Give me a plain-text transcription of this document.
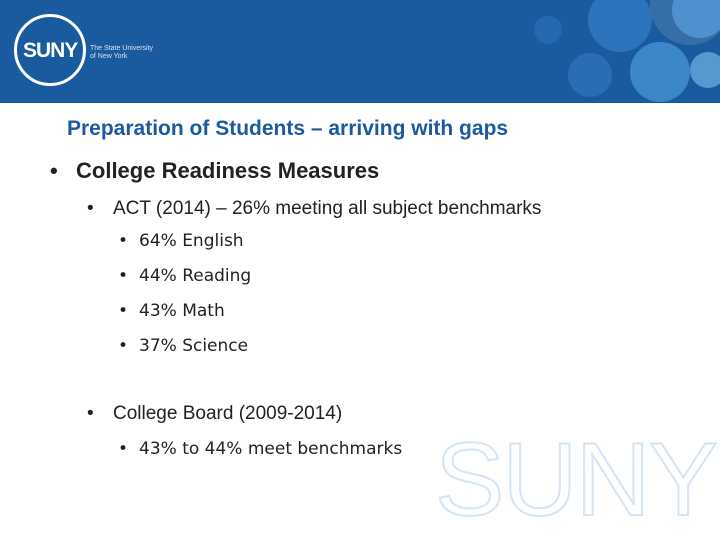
SUNY The State University
of New York
SUNY
Preparation of Students – arriving with gaps
• College Readiness Measures
• ACT (2014) – 26% meeting all subject benchmarks
• 64% English
• 44% Reading
• 43% Math
• 37% Science
• College Board (2009-2014)
• 43% to 44% meet benchmarks
